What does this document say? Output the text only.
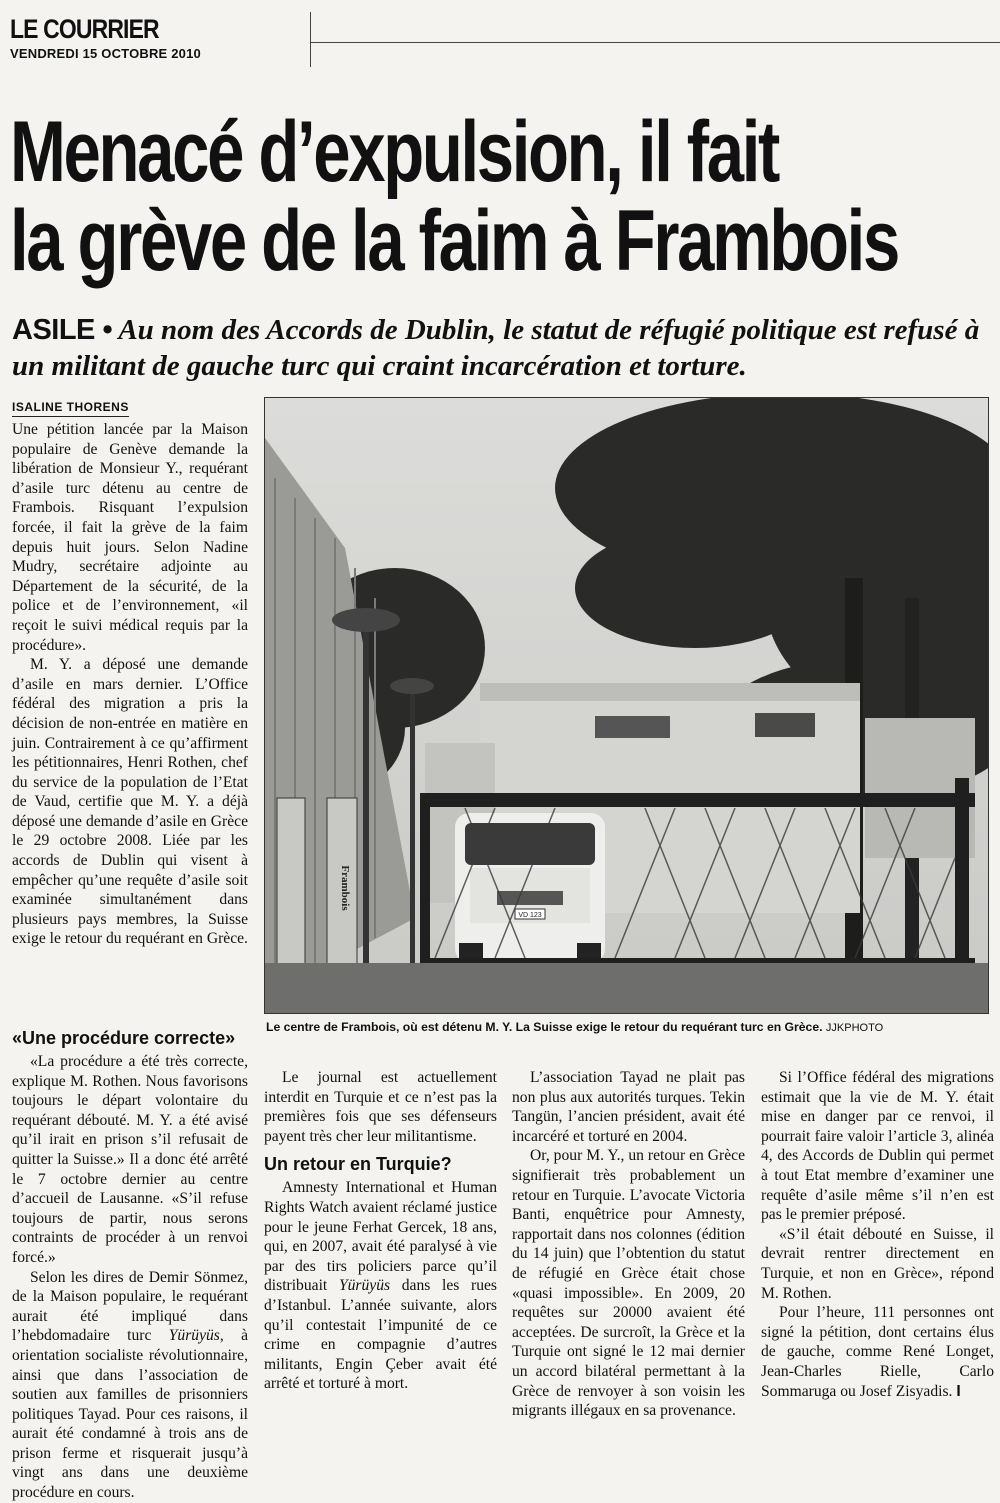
LE COURRIER
VENDREDI 15 OCTOBRE 2010
Menacé d’expulsion, il fait
la grève de la faim à Frambois
ASILE • Au nom des Accords de Dublin, le statut de réfugié politique est refusé à un militant de gauche turc qui craint incarcération et torture.
ISALINE THORENS

Une pétition lancée par la Maison populaire de Genève demande la libération de Monsieur Y., requérant d’asile turc détenu au centre de Frambois. Risquant l’expulsion forcée, il fait la grève de la faim depuis huit jours. Selon Nadine Mudry, secrétaire adjointe au Département de la sécurité, de la police et de l’environnement, «il reçoit le suivi médical requis par la procédure».

M. Y. a déposé une demande d’asile en mars dernier. L’Office fédéral des migration a pris la décision de non-entrée en matière en juin. Contrairement à ce qu’affirment les pétitionnaires, Henri Rothen, chef du service de la population de l’Etat de Vaud, certifie que M. Y. a déjà déposé une demande d’asile en Grèce le 29 octobre 2008. Liée par les accords de Dublin qui visent à empêcher qu’une requête d’asile soit examinée simultanément dans plusieurs pays membres, la Suisse exige le retour du requérant en Grèce.

«Une procédure correcte»

«La procédure a été très correcte, explique M. Rothen. Nous favorisons toujours le départ volontaire du requérant débouté. M. Y. a été avisé qu’il irait en prison s’il refusait de quitter la Suisse.» Il a donc été arrêté le 7 octobre dernier au centre d’accueil de Lausanne. «S’il refuse toujours de partir, nous serons contraints de procéder à un renvoi forcé.»

Selon les dires de Demir Sönmez, de la Maison populaire, le requérant aurait été impliqué dans l’hebdomadaire turc Yürüyüs, à orientation socialiste révolutionnaire, ainsi que dans l’association de soutien aux familles de prisonniers politiques Tayad. Pour ces raisons, il aurait été condamné à trois ans de prison ferme et risquerait jusqu’à vingt ans dans une deuxième procédure en cours.

Frambois
VD 123
Le centre de Frambois, où est détenu M. Y. La Suisse exige le retour du requérant turc en Grèce. JJKPHOTO

Le journal est actuellement interdit en Turquie et ce n’est pas la premières fois que ses défenseurs payent très cher leur militantisme.

Un retour en Turquie?

Amnesty International et Human Rights Watch avaient réclamé justice pour le jeune Ferhat Gercek, 18 ans, qui, en 2007, avait été paralysé à vie par des tirs policiers parce qu’il distribuait Yürüyüs dans les rues d’Istanbul. L’année suivante, alors qu’il contestait l’impunité de ce crime en compagnie d’autres militants, Engin Çeber avait été arrêté et torturé à mort.

L’association Tayad ne plait pas non plus aux autorités turques. Tekin Tangün, l’ancien président, avait été incarcéré et torturé en 2004.

Or, pour M. Y., un retour en Grèce signifierait très probablement un retour en Turquie. L’avocate Victoria Banti, enquêtrice pour Amnesty, rapportait dans nos colonnes (édition du 14 juin) que l’obtention du statut de réfugié en Grèce était chose «quasi impossible». En 2009, 20 requêtes sur 20000 avaient été acceptées. De surcroît, la Grèce et la Turquie ont signé le 12 mai dernier un accord bilatéral permettant à la Grèce de renvoyer à son voisin les migrants illégaux en sa provenance.

Si l’Office fédéral des migrations estimait que la vie de M. Y. était mise en danger par ce renvoi, il pourrait faire valoir l’article 3, alinéa 4, des Accords de Dublin qui permet à tout Etat membre d’examiner une requête d’asile même s’il n’en est pas le premier préposé.

«S’il était débouté en Suisse, il devrait rentrer directement en Turquie, et non en Grèce», répond M. Rothen.

Pour l’heure, 111 personnes ont signé la pétition, dont certains élus de gauche, comme René Longet, Jean-Charles Rielle, Carlo Sommaruga ou Josef Zisyadis. I
